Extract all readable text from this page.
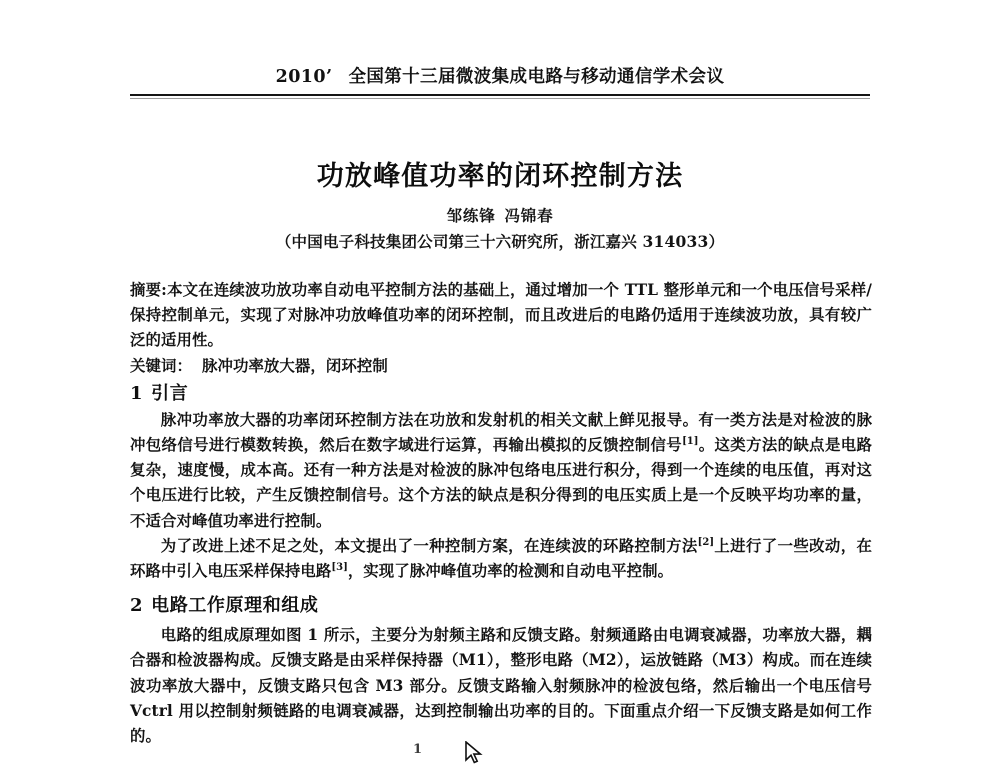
2010’ 全国第十三届微波集成电路与移动通信学术会议
功放峰值功率的闭环控制方法
邹练锋 冯锦春
（中国电子科技集团公司第三十六研究所，浙江嘉兴 314033）

摘要:本文在连续波功放功率自动电平控制方法的基础上，通过增加一个 TTL 整形单元和一个电压信号采样/保持控制单元，实现了对脉冲功放峰值功率的闭环控制，而且改进后的电路仍适用于连续波功放，具有较广泛的适用性。

关键词： 脉冲功率放大器，闭环控制

1 引言

脉冲功率放大器的功率闭环控制方法在功放和发射机的相关文献上鲜见报导。有一类方法是对检波的脉冲包络信号进行模数转换，然后在数字域进行运算，再输出模拟的反馈控制信号[1]。这类方法的缺点是电路复杂，速度慢，成本高。还有一种方法是对检波的脉冲包络电压进行积分，得到一个连续的电压值，再对这个电压进行比较，产生反馈控制信号。这个方法的缺点是积分得到的电压实质上是一个反映平均功率的量，不适合对峰值功率进行控制。

为了改进上述不足之处，本文提出了一种控制方案，在连续波的环路控制方法[2]上进行了一些改动，在环路中引入电压采样保持电路[3]，实现了脉冲峰值功率的检测和自动电平控制。

2 电路工作原理和组成

电路的组成原理如图 1 所示，主要分为射频主路和反馈支路。射频通路由电调衰减器，功率放大器，耦合器和检波器构成。反馈支路是由采样保持器（M1），整形电路（M2），运放链路（M3）构成。而在连续波功率放大器中，反馈支路只包含 M3 部分。反馈支路输入射频脉冲的检波包络，然后输出一个电压信号 Vctrl 用以控制射频链路的电调衰减器，达到控制输出功率的目的。下面重点介绍一下反馈支路是如何工作的。

1
